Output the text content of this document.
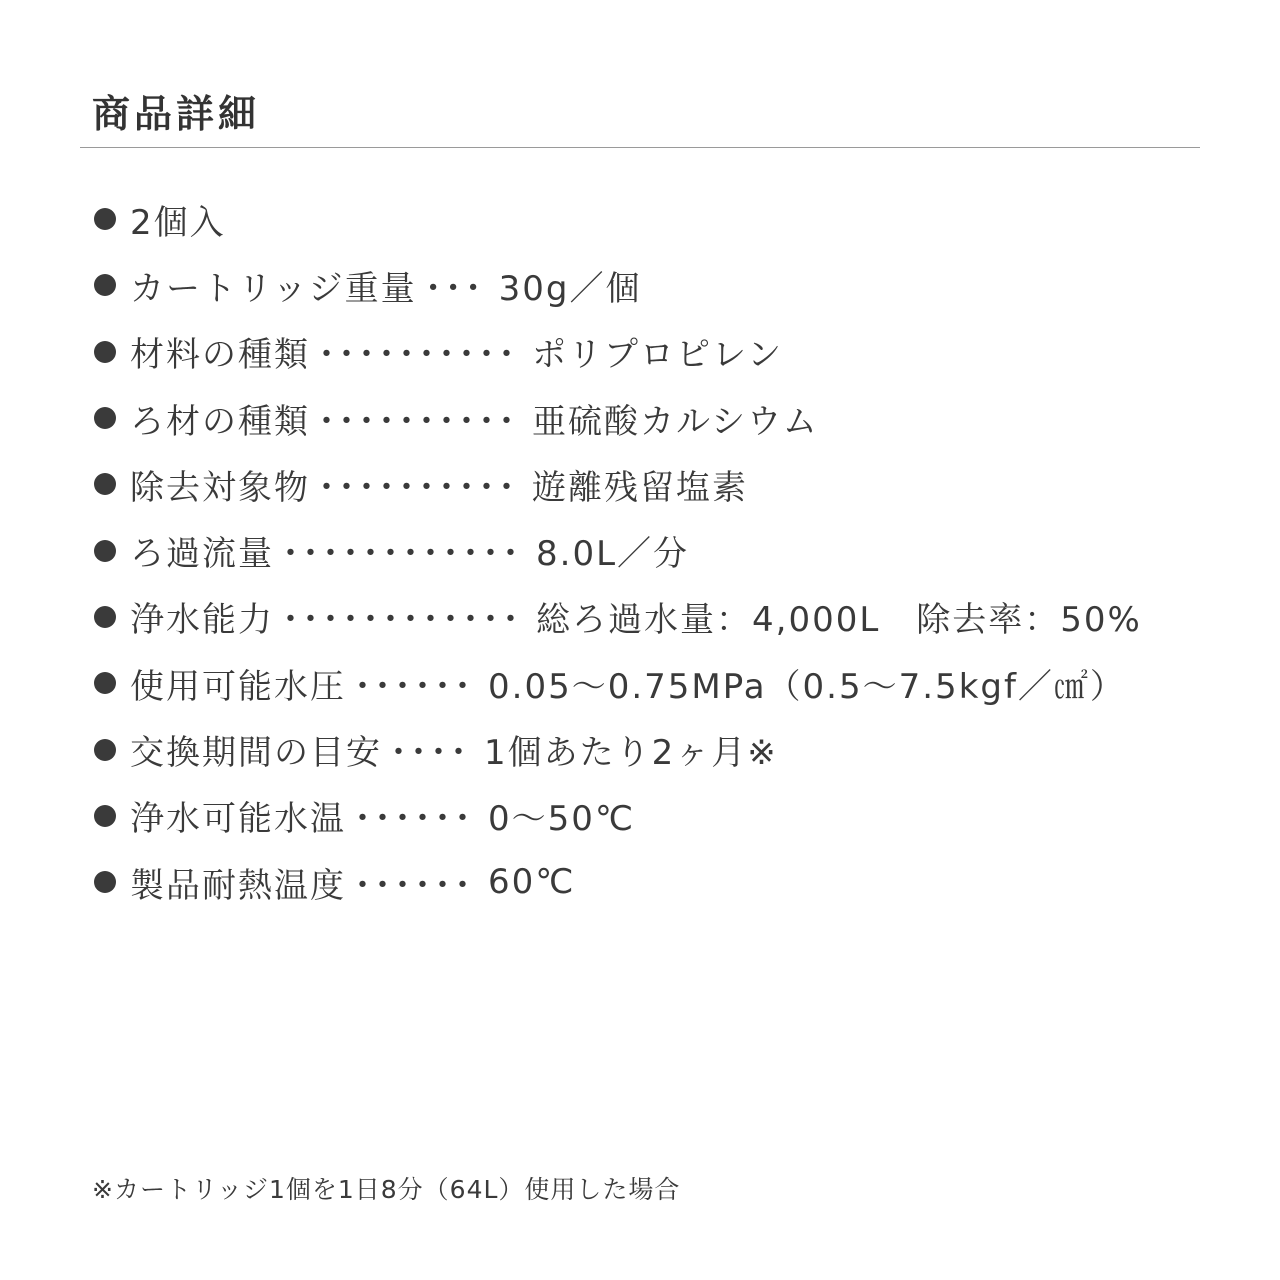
商品詳細
2個入
カートリッジ重量 ･･･ 30g／個
材料の種類 ･･････････ ポリプロピレン
ろ材の種類 ･･････････ 亜硫酸カルシウム
除去対象物 ･･････････ 遊離残留塩素
ろ過流量 ････････････ 8.0L／分
浄水能力 ････････････ 総ろ過水量：4,000L　除去率：50%
使用可能水圧 ･･････ 0.05～0.75MPa（0.5～7.5kgf／㎠）
交換期間の目安 ････ 1個あたり2ヶ月※
浄水可能水温 ･･････ 0～50℃
製品耐熱温度 ･･････ 60℃
※カートリッジ1個を1日8分（64L）使用した場合
